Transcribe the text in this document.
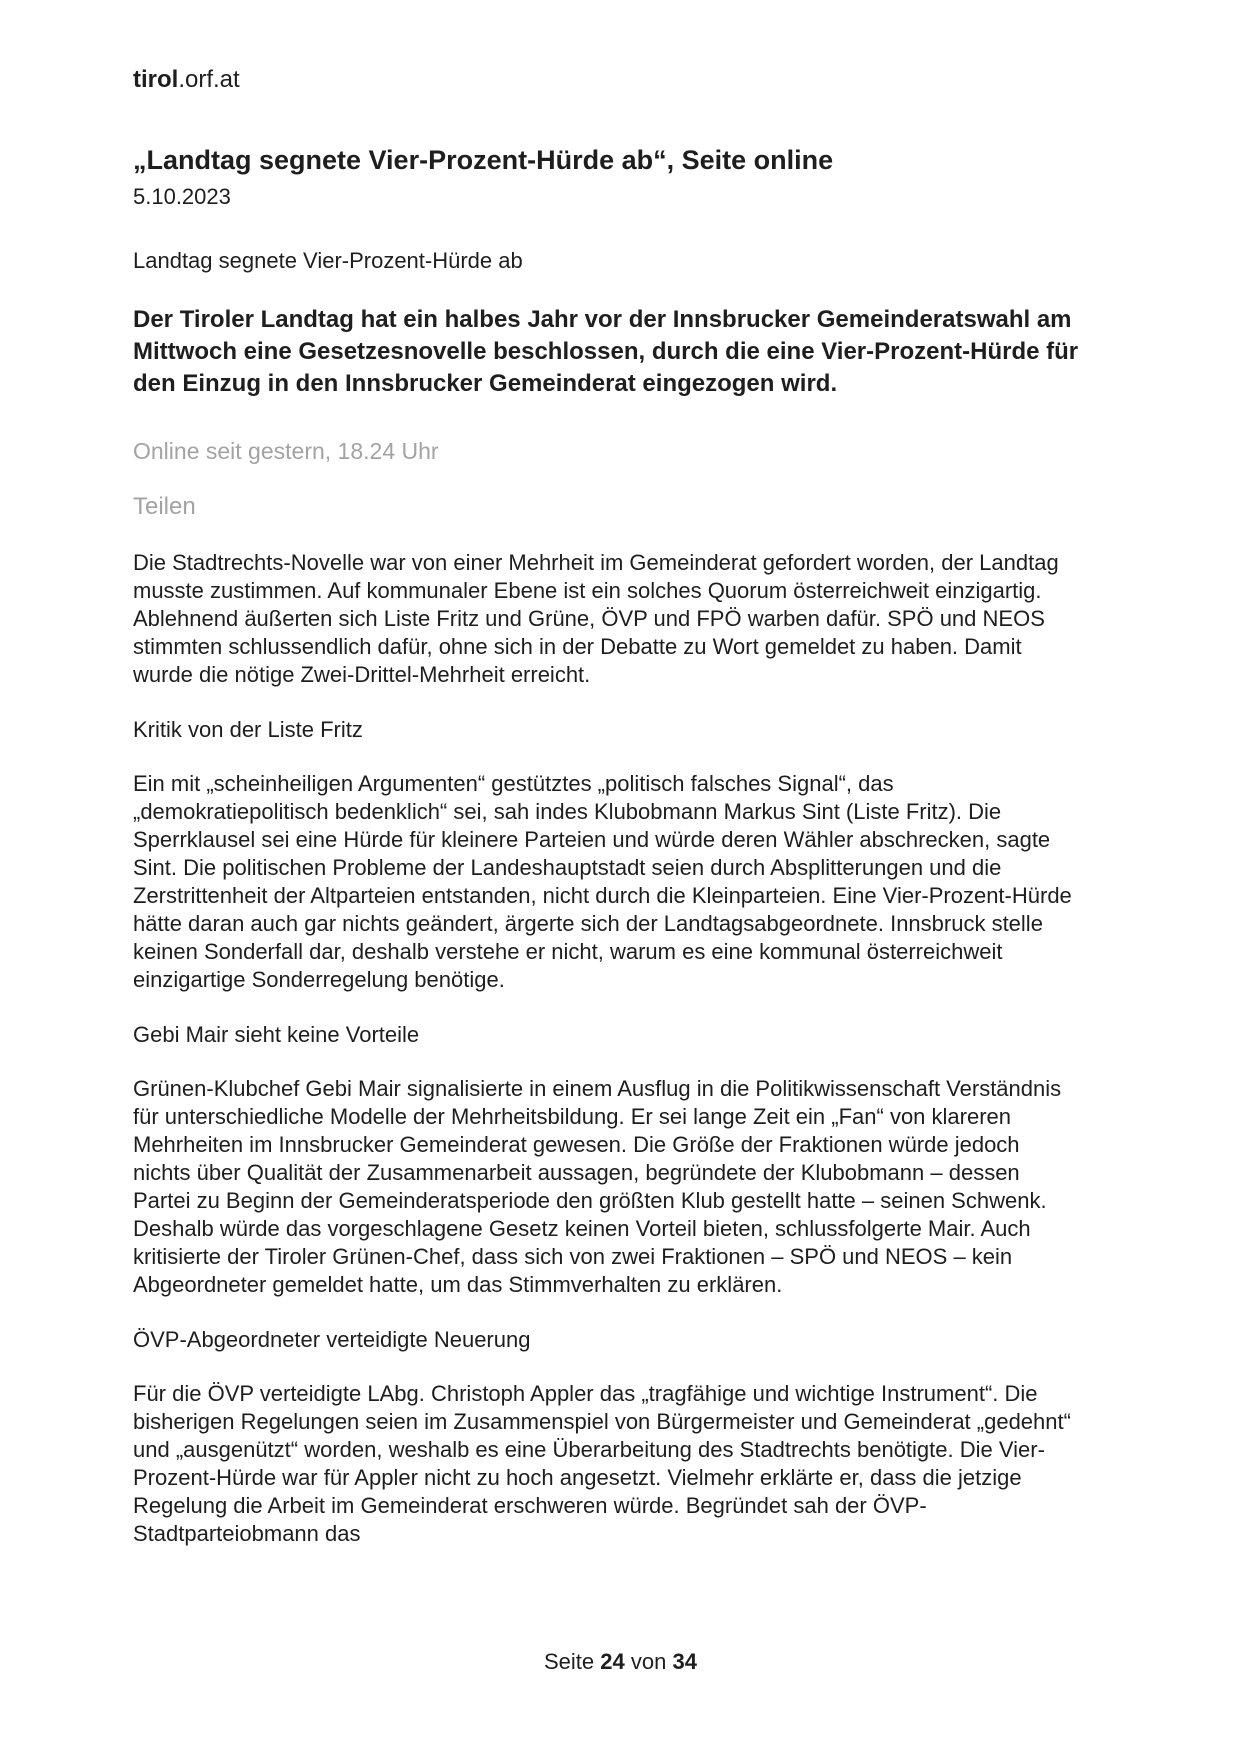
tirol.orf.at
„Landtag segnete Vier-Prozent-Hürde ab“, Seite online
5.10.2023
Landtag segnete Vier-Prozent-Hürde ab

Der Tiroler Landtag hat ein halbes Jahr vor der Innsbrucker Gemeinderatswahl am Mittwoch eine Gesetzesnovelle beschlossen, durch die eine Vier-Prozent-Hürde für den Einzug in den Innsbrucker Gemeinderat eingezogen wird.

Online seit gestern, 18.24 Uhr
Teilen

Die Stadtrechts-Novelle war von einer Mehrheit im Gemeinderat gefordert worden, der Landtag musste zustimmen. Auf kommunaler Ebene ist ein solches Quorum österreichweit einzigartig. Ablehnend äußerten sich Liste Fritz und Grüne, ÖVP und FPÖ warben dafür. SPÖ und NEOS stimmten schlussendlich dafür, ohne sich in der Debatte zu Wort gemeldet zu haben. Damit wurde die nötige Zwei-Drittel-Mehrheit erreicht.

Kritik von der Liste Fritz

Ein mit „scheinheiligen Argumenten“ gestütztes „politisch falsches Signal“, das „demokratiepolitisch bedenklich“ sei, sah indes Klubobmann Markus Sint (Liste Fritz). Die Sperrklausel sei eine Hürde für kleinere Parteien und würde deren Wähler abschrecken, sagte Sint. Die politischen Probleme der Landeshauptstadt seien durch Absplitterungen und die Zerstrittenheit der Altparteien entstanden, nicht durch die Kleinparteien. Eine Vier-Prozent-Hürde hätte daran auch gar nichts geändert, ärgerte sich der Landtagsabgeordnete. Innsbruck stelle keinen Sonderfall dar, deshalb verstehe er nicht, warum es eine kommunal österreichweit einzigartige Sonderregelung benötige.

Gebi Mair sieht keine Vorteile

Grünen-Klubchef Gebi Mair signalisierte in einem Ausflug in die Politikwissenschaft Verständnis für unterschiedliche Modelle der Mehrheitsbildung. Er sei lange Zeit ein „Fan“ von klareren Mehrheiten im Innsbrucker Gemeinderat gewesen. Die Größe der Fraktionen würde jedoch nichts über Qualität der Zusammenarbeit aussagen, begründete der Klubobmann – dessen Partei zu Beginn der Gemeinderatsperiode den größten Klub gestellt hatte – seinen Schwenk. Deshalb würde das vorgeschlagene Gesetz keinen Vorteil bieten, schlussfolgerte Mair. Auch kritisierte der Tiroler Grünen-Chef, dass sich von zwei Fraktionen – SPÖ und NEOS – kein Abgeordneter gemeldet hatte, um das Stimmverhalten zu erklären.

ÖVP-Abgeordneter verteidigte Neuerung

Für die ÖVP verteidigte LAbg. Christoph Appler das „tragfähige und wichtige Instrument“. Die bisherigen Regelungen seien im Zusammenspiel von Bürgermeister und Gemeinderat „gedehnt“ und „ausgenützt“ worden, weshalb es eine Überarbeitung des Stadtrechts benötigte. Die Vier-Prozent-Hürde war für Appler nicht zu hoch angesetzt. Vielmehr erklärte er, dass die jetzige Regelung die Arbeit im Gemeinderat erschweren würde. Begründet sah der ÖVP-Stadtparteiobmann das

Seite 24 von 34
